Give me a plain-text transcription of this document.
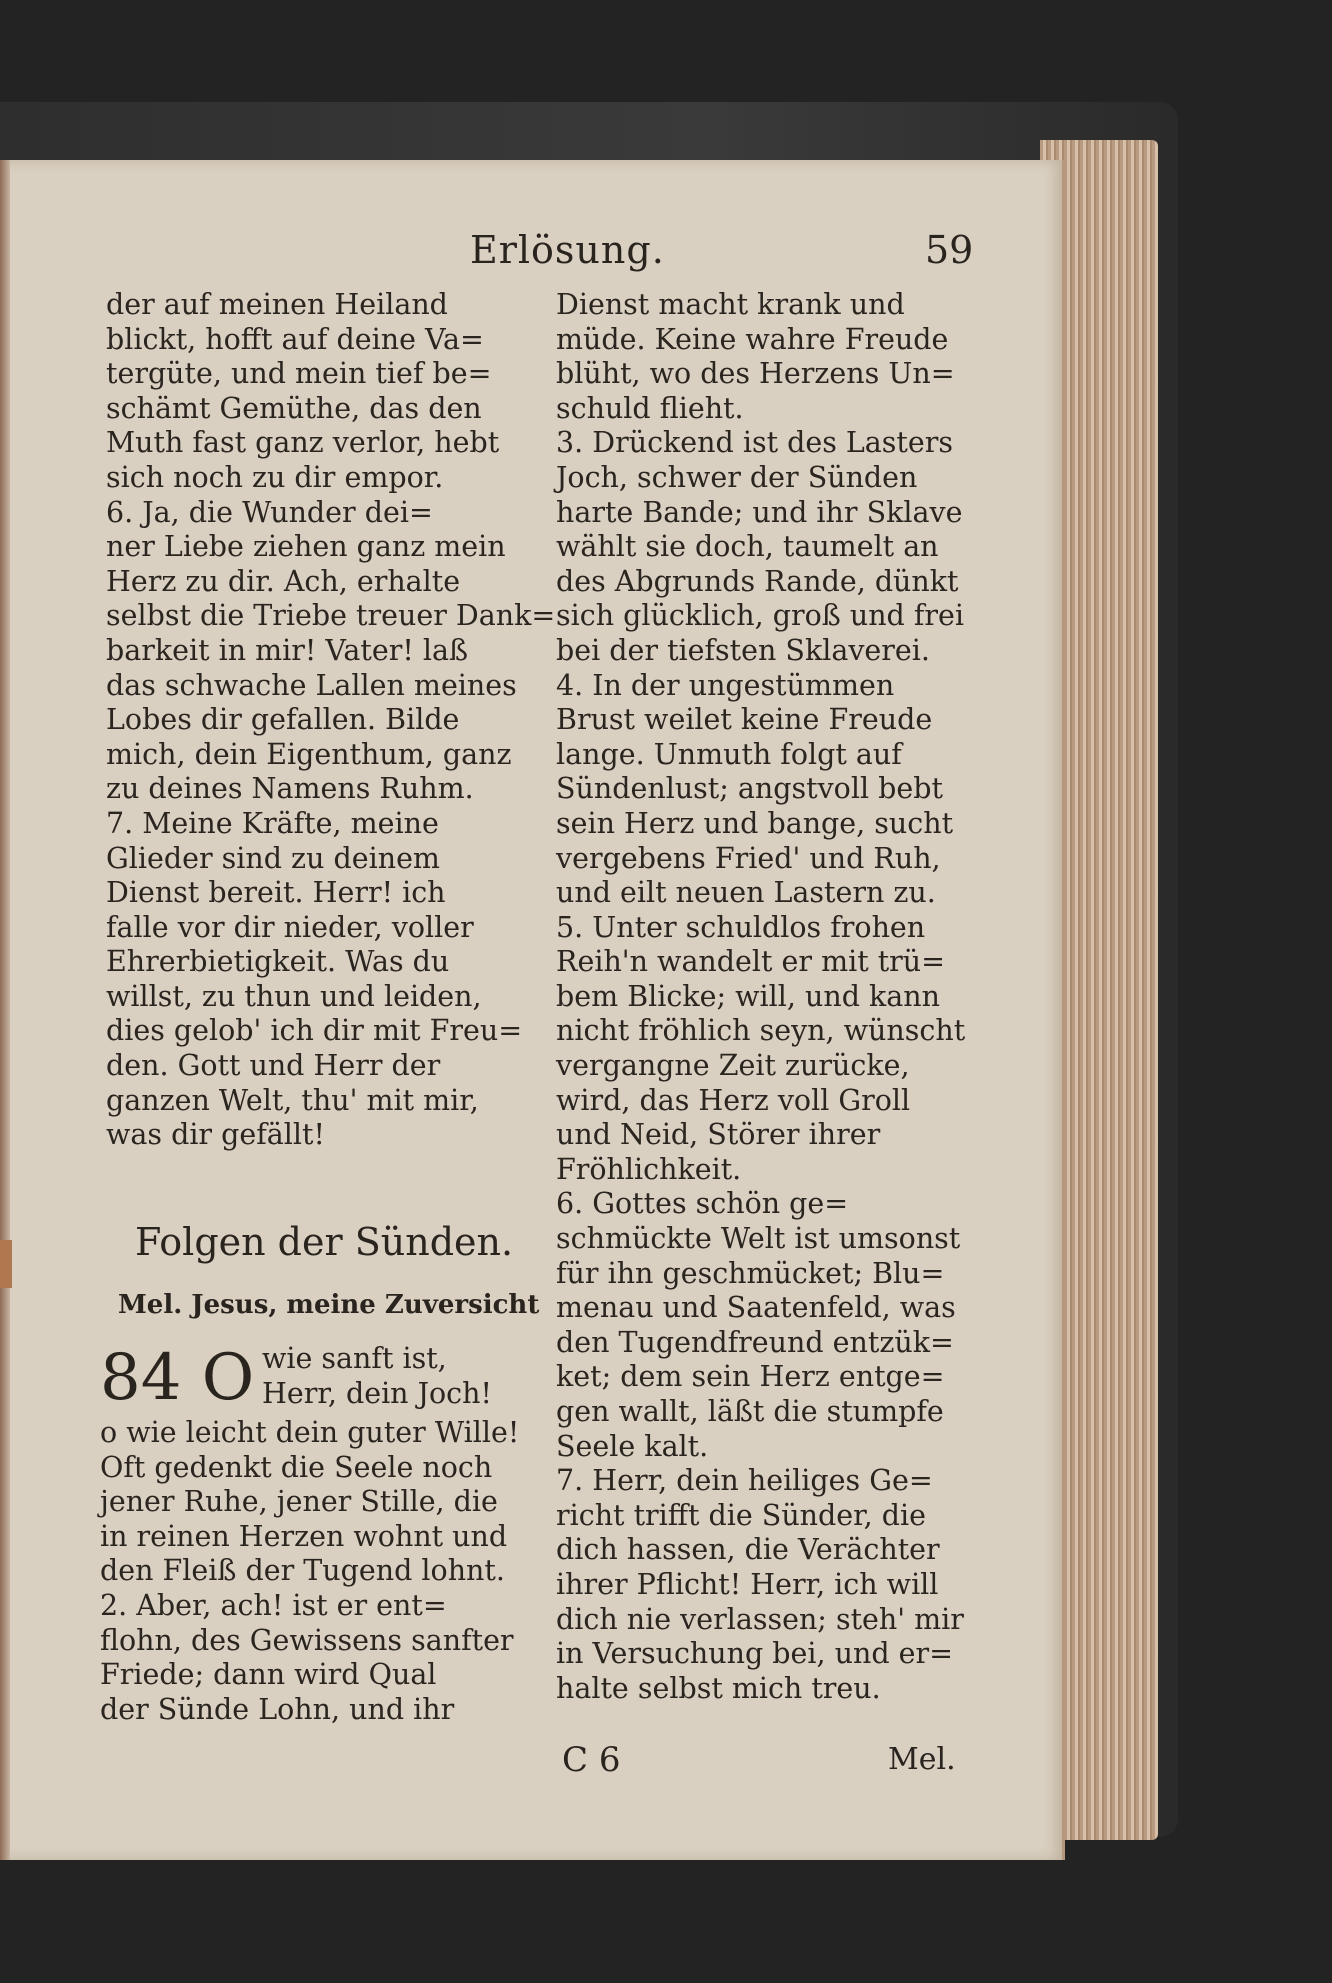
Erlösung.	59
der auf meinen Heiland
blickt, hofft auf deine Va=
tergüte, und mein tief be=
schämt Gemüthe, das den
Muth fast ganz verlor, hebt
sich noch zu dir empor.
6. Ja, die Wunder dei=
ner Liebe ziehen ganz mein
Herz zu dir. Ach, erhalte
selbst die Triebe treuer Dank=
barkeit in mir! Vater! laß
das schwache Lallen meines
Lobes dir gefallen. Bilde
mich, dein Eigenthum, ganz
zu deines Namens Ruhm.
7. Meine Kräfte, meine
Glieder sind zu deinem
Dienst bereit. Herr! ich
falle vor dir nieder, voller
Ehrerbietigkeit. Was du
willst, zu thun und leiden,
dies gelob' ich dir mit Freu=
den. Gott und Herr der
ganzen Welt, thu' mit mir,
was dir gefällt!
Folgen der Sünden.
Mel. Jesus, meine Zuversicht
84 O wie sanft ist,
Herr, dein Joch!
o wie leicht dein guter Wille!
Oft gedenkt die Seele noch
jener Ruhe, jener Stille, die
in reinen Herzen wohnt und
den Fleiß der Tugend lohnt.
2. Aber, ach! ist er ent=
flohn, des Gewissens sanfter
Friede; dann wird Qual
der Sünde Lohn, und ihr
Dienst macht krank und
müde. Keine wahre Freude
blüht, wo des Herzens Un=
schuld flieht.
3. Drückend ist des Lasters
Joch, schwer der Sünden
harte Bande; und ihr Sklave
wählt sie doch, taumelt an
des Abgrunds Rande, dünkt
sich glücklich, groß und frei
bei der tiefsten Sklaverei.
4. In der ungestümmen
Brust weilet keine Freude
lange. Unmuth folgt auf
Sündenlust; angstvoll bebt
sein Herz und bange, sucht
vergebens Fried' und Ruh,
und eilt neuen Lastern zu.
5. Unter schuldlos frohen
Reih'n wandelt er mit trü=
bem Blicke; will, und kann
nicht fröhlich seyn, wünscht
vergangne Zeit zurücke,
wird, das Herz voll Groll
und Neid, Störer ihrer
Fröhlichkeit.
6. Gottes schön ge=
schmückte Welt ist umsonst
für ihn geschmücket; Blu=
menau und Saatenfeld, was
den Tugendfreund entzük=
ket; dem sein Herz entge=
gen wallt, läßt die stumpfe
Seele kalt.
7. Herr, dein heiliges Ge=
richt trifft die Sünder, die
dich hassen, die Verächter
ihrer Pflicht! Herr, ich will
dich nie verlassen; steh' mir
in Versuchung bei, und er=
halte selbst mich treu.
C 6	Mel.
